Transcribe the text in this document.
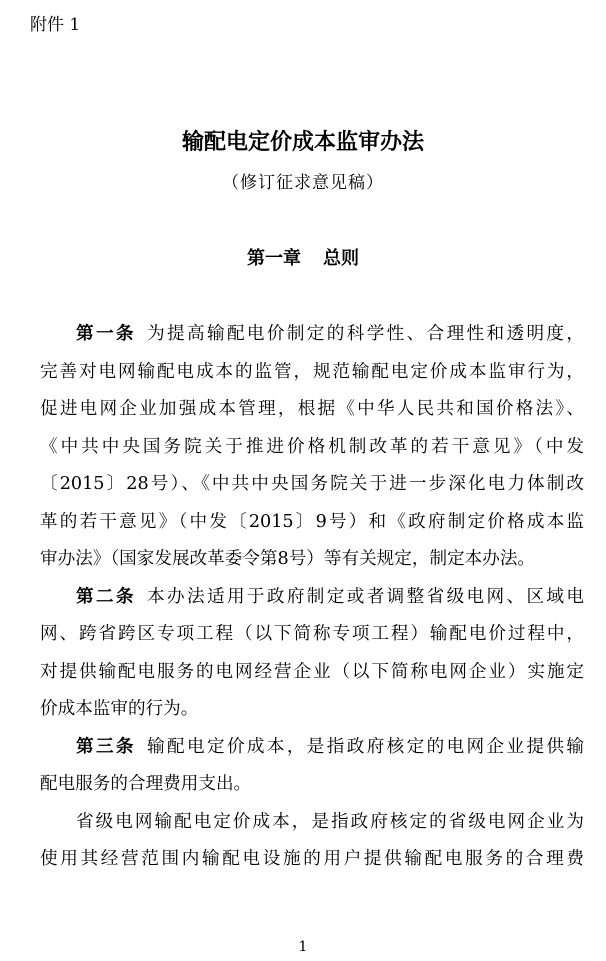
附件 1
输配电定价成本监审办法
（修订征求意见稿）
第一章 总则
第一条 为提高输配电价制定的科学性、合理性和透明度，
完善对电网输配电成本的监管，规范输配电定价成本监审行为，
促进电网企业加强成本管理，根据《中华人民共和国价格法》、
《中共中央国务院关于推进价格机制改革的若干意见》（中发
〔2015〕28号）、《中共中央国务院关于进一步深化电力体制改
革的若干意见》（中发〔2015〕9号）和《政府制定价格成本监
审办法》（国家发展改革委令第8号）等有关规定，制定本办法。
第二条 本办法适用于政府制定或者调整省级电网、区域电
网、跨省跨区专项工程（以下简称专项工程）输配电价过程中，
对提供输配电服务的电网经营企业（以下简称电网企业）实施定
价成本监审的行为。
第三条 输配电定价成本，是指政府核定的电网企业提供输
配电服务的合理费用支出。
省级电网输配电定价成本，是指政府核定的省级电网企业为
使用其经营范围内输配电设施的用户提供输配电服务的合理费
1
